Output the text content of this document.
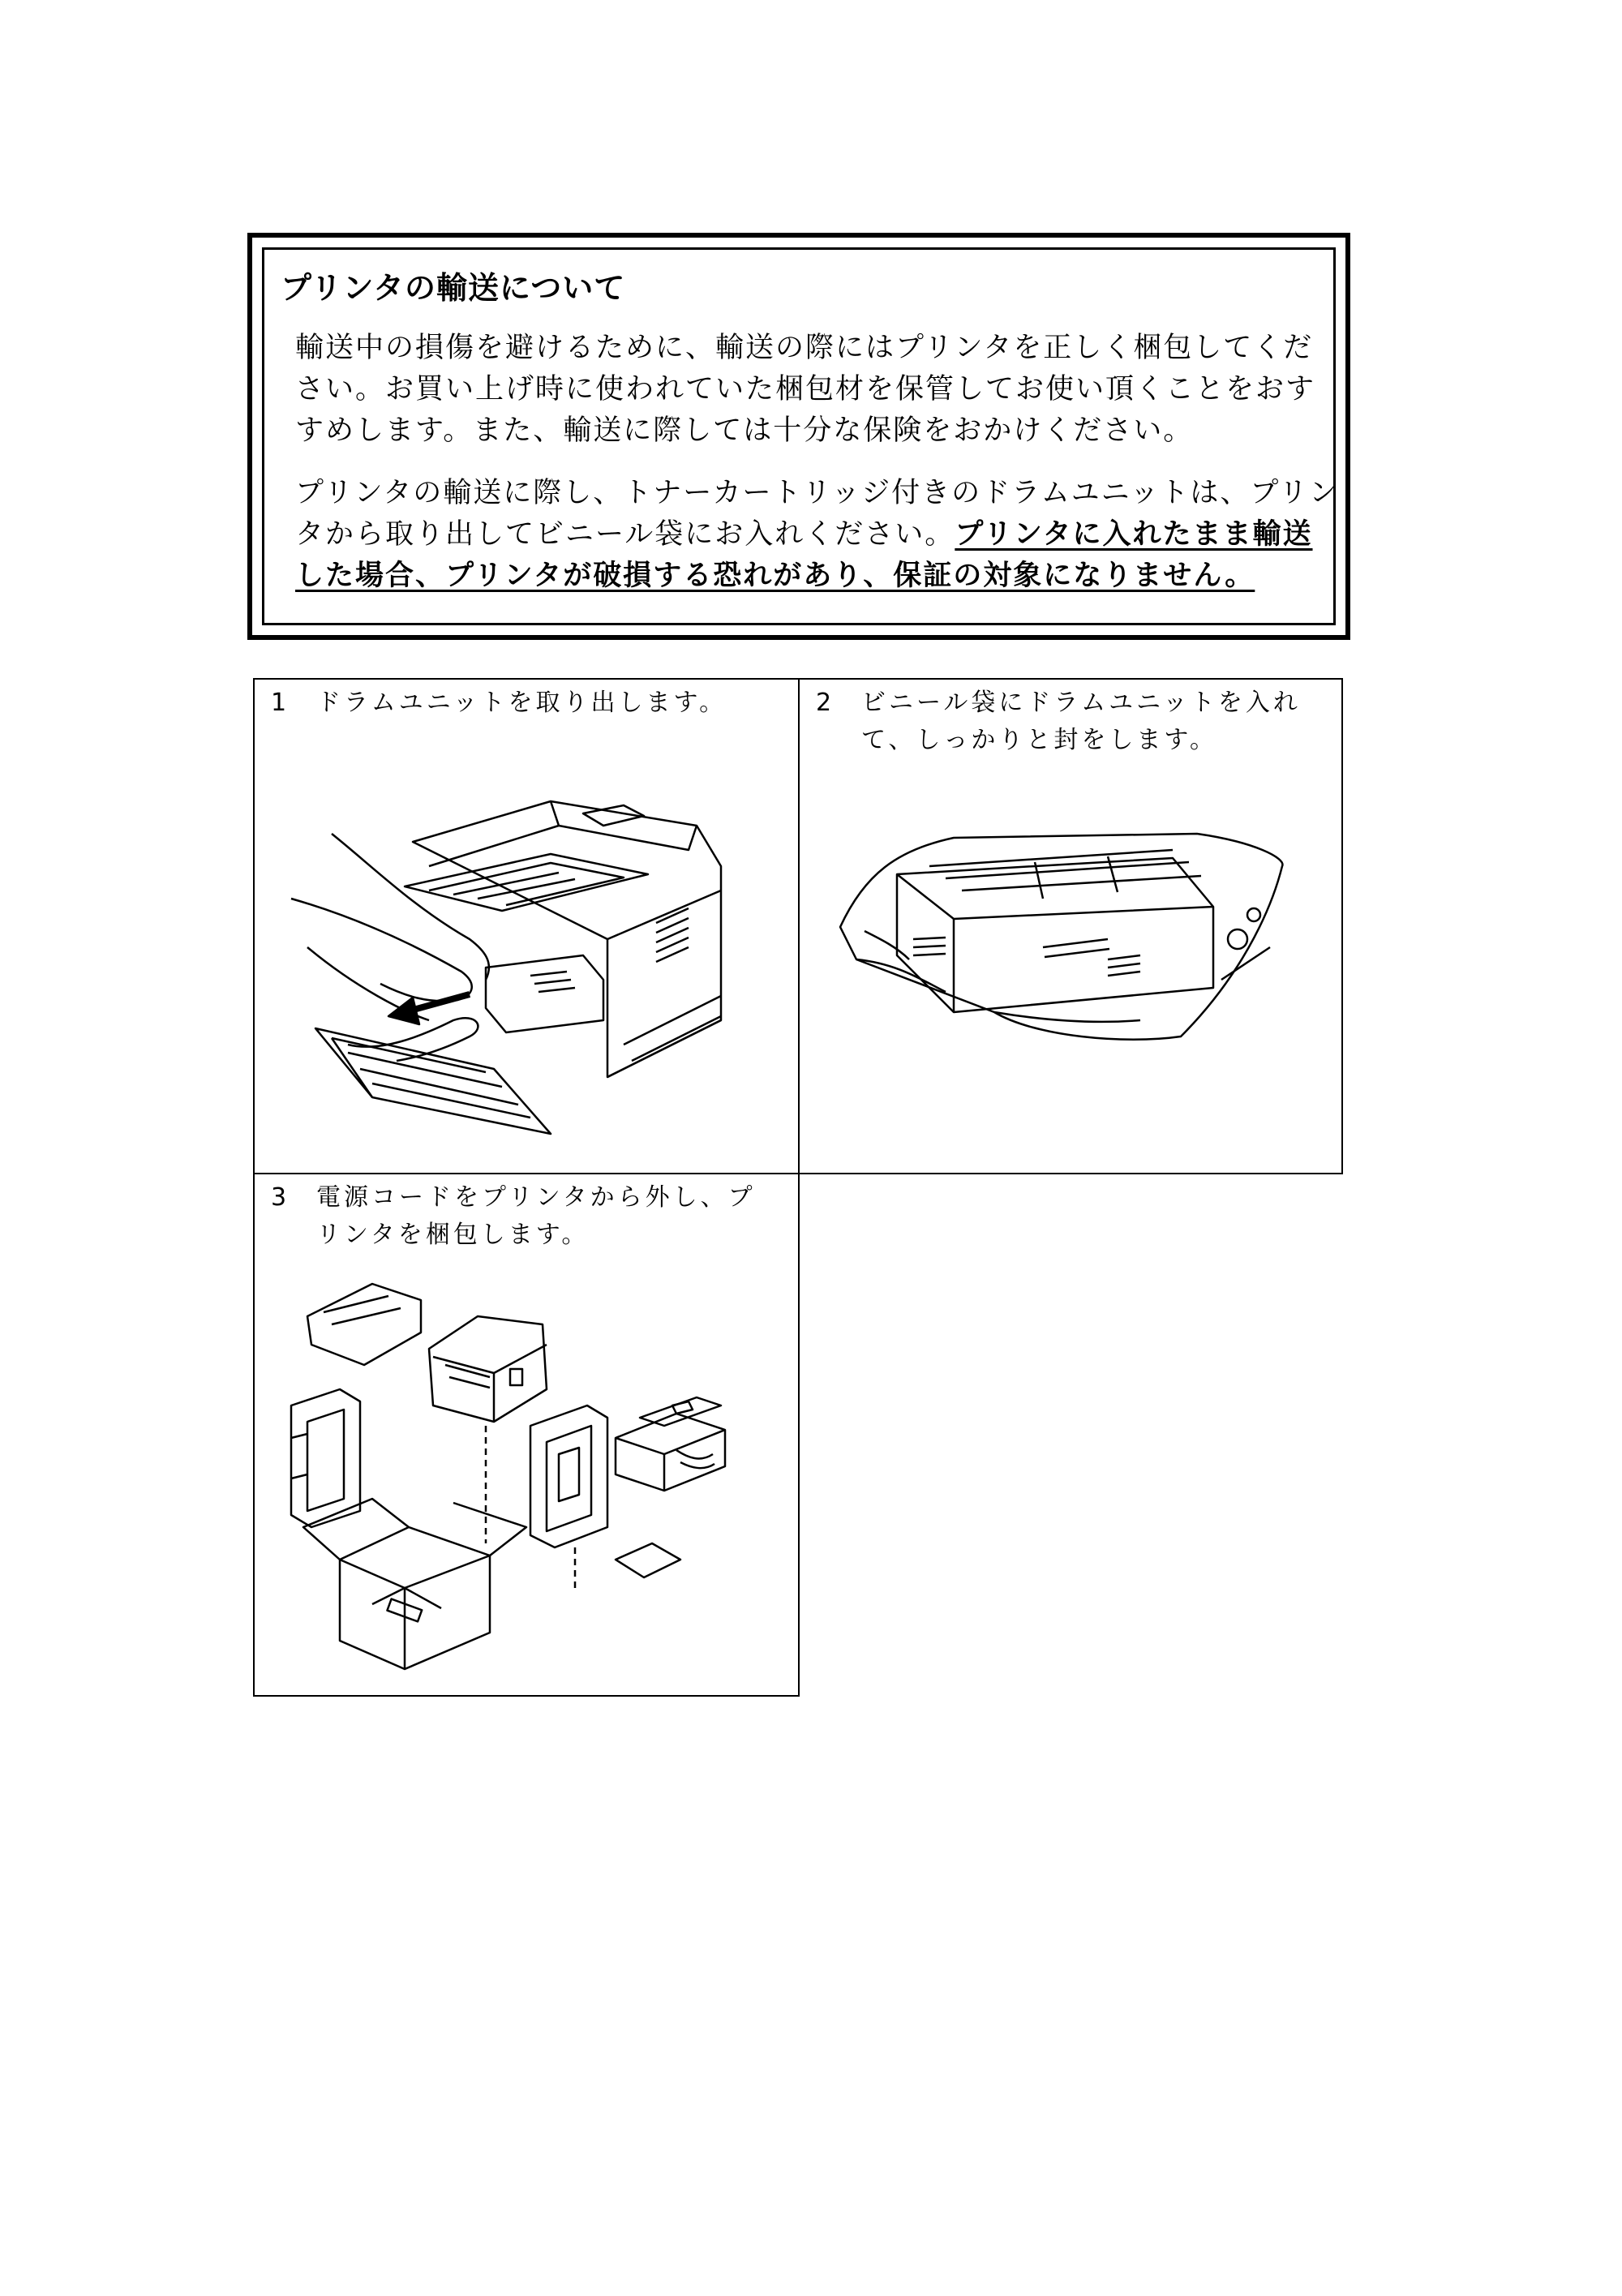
プリンタの輸送について
輸送中の損傷を避けるために、輸送の際にはプリンタを正しく梱包してください。お買い上げ時に使われていた梱包材を保管してお使い頂くことをおすすめします。また、輸送に際しては十分な保険をおかけください。
プリンタの輸送に際し、トナーカートリッジ付きのドラムユニットは、プリンタから取り出してビニール袋にお入れください。プリンタに入れたまま輸送した場合、プリンタが破損する恐れがあり、保証の対象になりません。
1 ドラムユニットを取り出します。	2 ビニール袋にドラムユニットを入れて、しっかりと封をします。
3 電源コードをプリンタから外し、プリンタを梱包します。
